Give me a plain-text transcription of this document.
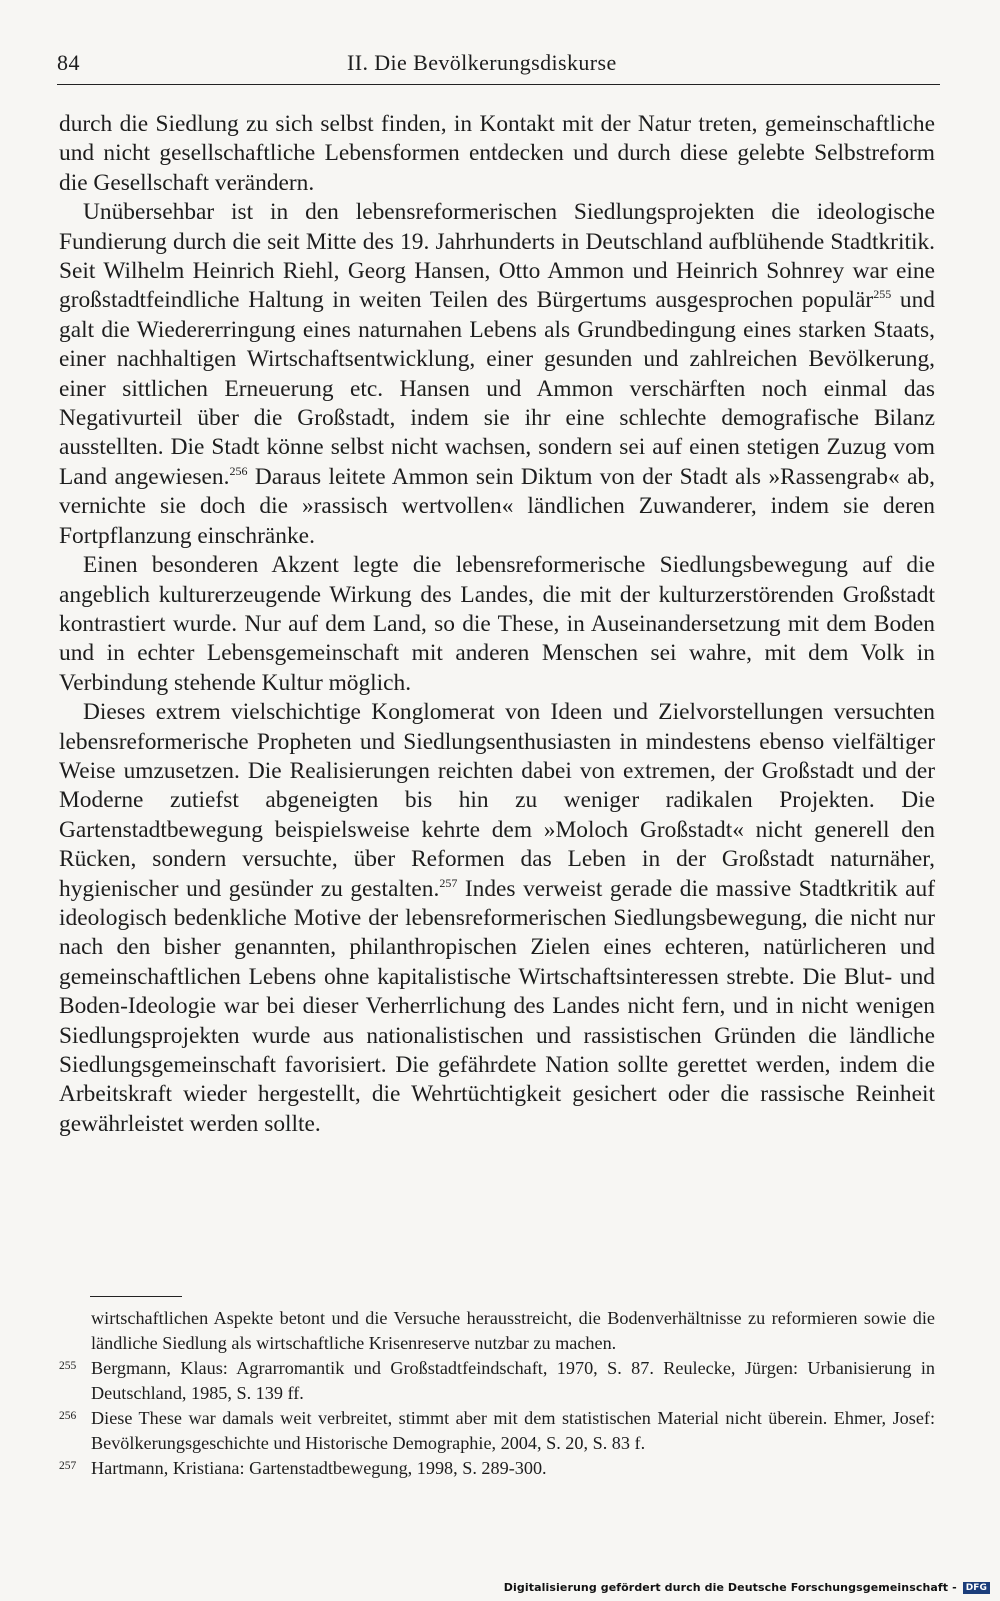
84	II. Die Bevölkerungsdiskurse

durch die Siedlung zu sich selbst finden, in Kontakt mit der Natur treten, gemeinschaftliche und nicht gesellschaftliche Lebensformen entdecken und durch diese gelebte Selbstreform die Gesellschaft verändern.

Unübersehbar ist in den lebensreformerischen Siedlungsprojekten die ideologische Fundierung durch die seit Mitte des 19. Jahrhunderts in Deutschland aufblühende Stadtkritik. Seit Wilhelm Heinrich Riehl, Georg Hansen, Otto Ammon und Heinrich Sohnrey war eine großstadtfeindliche Haltung in weiten Teilen des Bürgertums ausgesprochen populär$^{255}$ und galt die Wiedererringung eines naturnahen Lebens als Grundbedingung eines starken Staats, einer nachhaltigen Wirtschaftsentwicklung, einer gesunden und zahlreichen Bevölkerung, einer sittlichen Erneuerung etc. Hansen und Ammon verschärften noch einmal das Negativurteil über die Großstadt, indem sie ihr eine schlechte demografische Bilanz ausstellten. Die Stadt könne selbst nicht wachsen, sondern sei auf einen stetigen Zuzug vom Land angewiesen.$^{256}$ Daraus leitete Ammon sein Diktum von der Stadt als »Rassengrab« ab, vernichte sie doch die »rassisch wertvollen« ländlichen Zuwanderer, indem sie deren Fortpflanzung einschränke.

Einen besonderen Akzent legte die lebensreformerische Siedlungsbewegung auf die angeblich kulturerzeugende Wirkung des Landes, die mit der kulturzerstörenden Großstadt kontrastiert wurde. Nur auf dem Land, so die These, in Auseinandersetzung mit dem Boden und in echter Lebensgemeinschaft mit anderen Menschen sei wahre, mit dem Volk in Verbindung stehende Kultur möglich.

Dieses extrem vielschichtige Konglomerat von Ideen und Zielvorstellungen versuchten lebensreformerische Propheten und Siedlungsenthusiasten in mindestens ebenso vielfältiger Weise umzusetzen. Die Realisierungen reichten dabei von extremen, der Großstadt und der Moderne zutiefst abgeneigten bis hin zu weniger radikalen Projekten. Die Gartenstadtbewegung beispielsweise kehrte dem »Moloch Großstadt« nicht generell den Rücken, sondern versuchte, über Reformen das Leben in der Großstadt naturnäher, hygienischer und gesünder zu gestalten.$^{257}$ Indes verweist gerade die massive Stadtkritik auf ideologisch bedenkliche Motive der lebensreformerischen Siedlungsbewegung, die nicht nur nach den bisher genannten, philanthropischen Zielen eines echteren, natürlicheren und gemeinschaftlichen Lebens ohne kapitalistische Wirtschaftsinteressen strebte. Die Blut- und Boden-Ideologie war bei dieser Verherrlichung des Landes nicht fern, und in nicht wenigen Siedlungsprojekten wurde aus nationalistischen und rassistischen Gründen die ländliche Siedlungsgemeinschaft favorisiert. Die gefährdete Nation sollte gerettet werden, indem die Arbeitskraft wieder hergestellt, die Wehrtüchtigkeit gesichert oder die rassische Reinheit gewährleistet werden sollte.

wirtschaftlichen Aspekte betont und die Versuche herausstreicht, die Bodenverhältnisse zu reformieren sowie die ländliche Siedlung als wirtschaftliche Krisenreserve nutzbar zu machen.
255 Bergmann, Klaus: Agrarromantik und Großstadtfeindschaft, 1970, S. 87. Reulecke, Jürgen: Urbanisierung in Deutschland, 1985, S. 139 ff.
256 Diese These war damals weit verbreitet, stimmt aber mit dem statistischen Material nicht überein. Ehmer, Josef: Bevölkerungsgeschichte und Historische Demographie, 2004, S. 20, S. 83 f.
257 Hartmann, Kristiana: Gartenstadtbewegung, 1998, S. 289-300.
Digitalisierung gefördert durch die Deutsche Forschungsgemeinschaft - DFG
